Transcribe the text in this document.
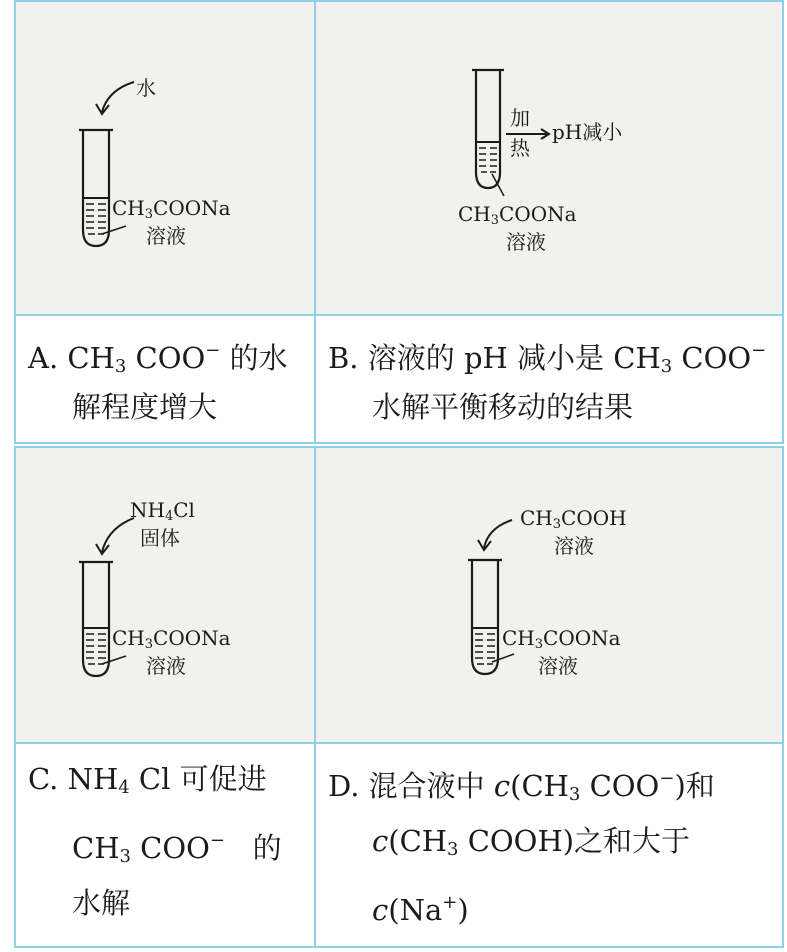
水
$CH_3COONa$
溶液
加
热
pH减小
$CH_3COONa$
溶液
A. $CH_3$ COO− 的水
解程度增大
B. 溶液的 pH 减小是 $CH_3$ COO−
水解平衡移动的结果
$NH_4Cl$
固体
$CH_3COONa$
溶液
$CH_3COOH$
溶液
$CH_3COONa$
溶液
C. $NH_4$ Cl 可促进
$CH_3$ COO−   的
水解
D. 混合液中 $c(CH_3$ COO−)和
$c(CH_3$ COOH)之和大于
c(Na+)
